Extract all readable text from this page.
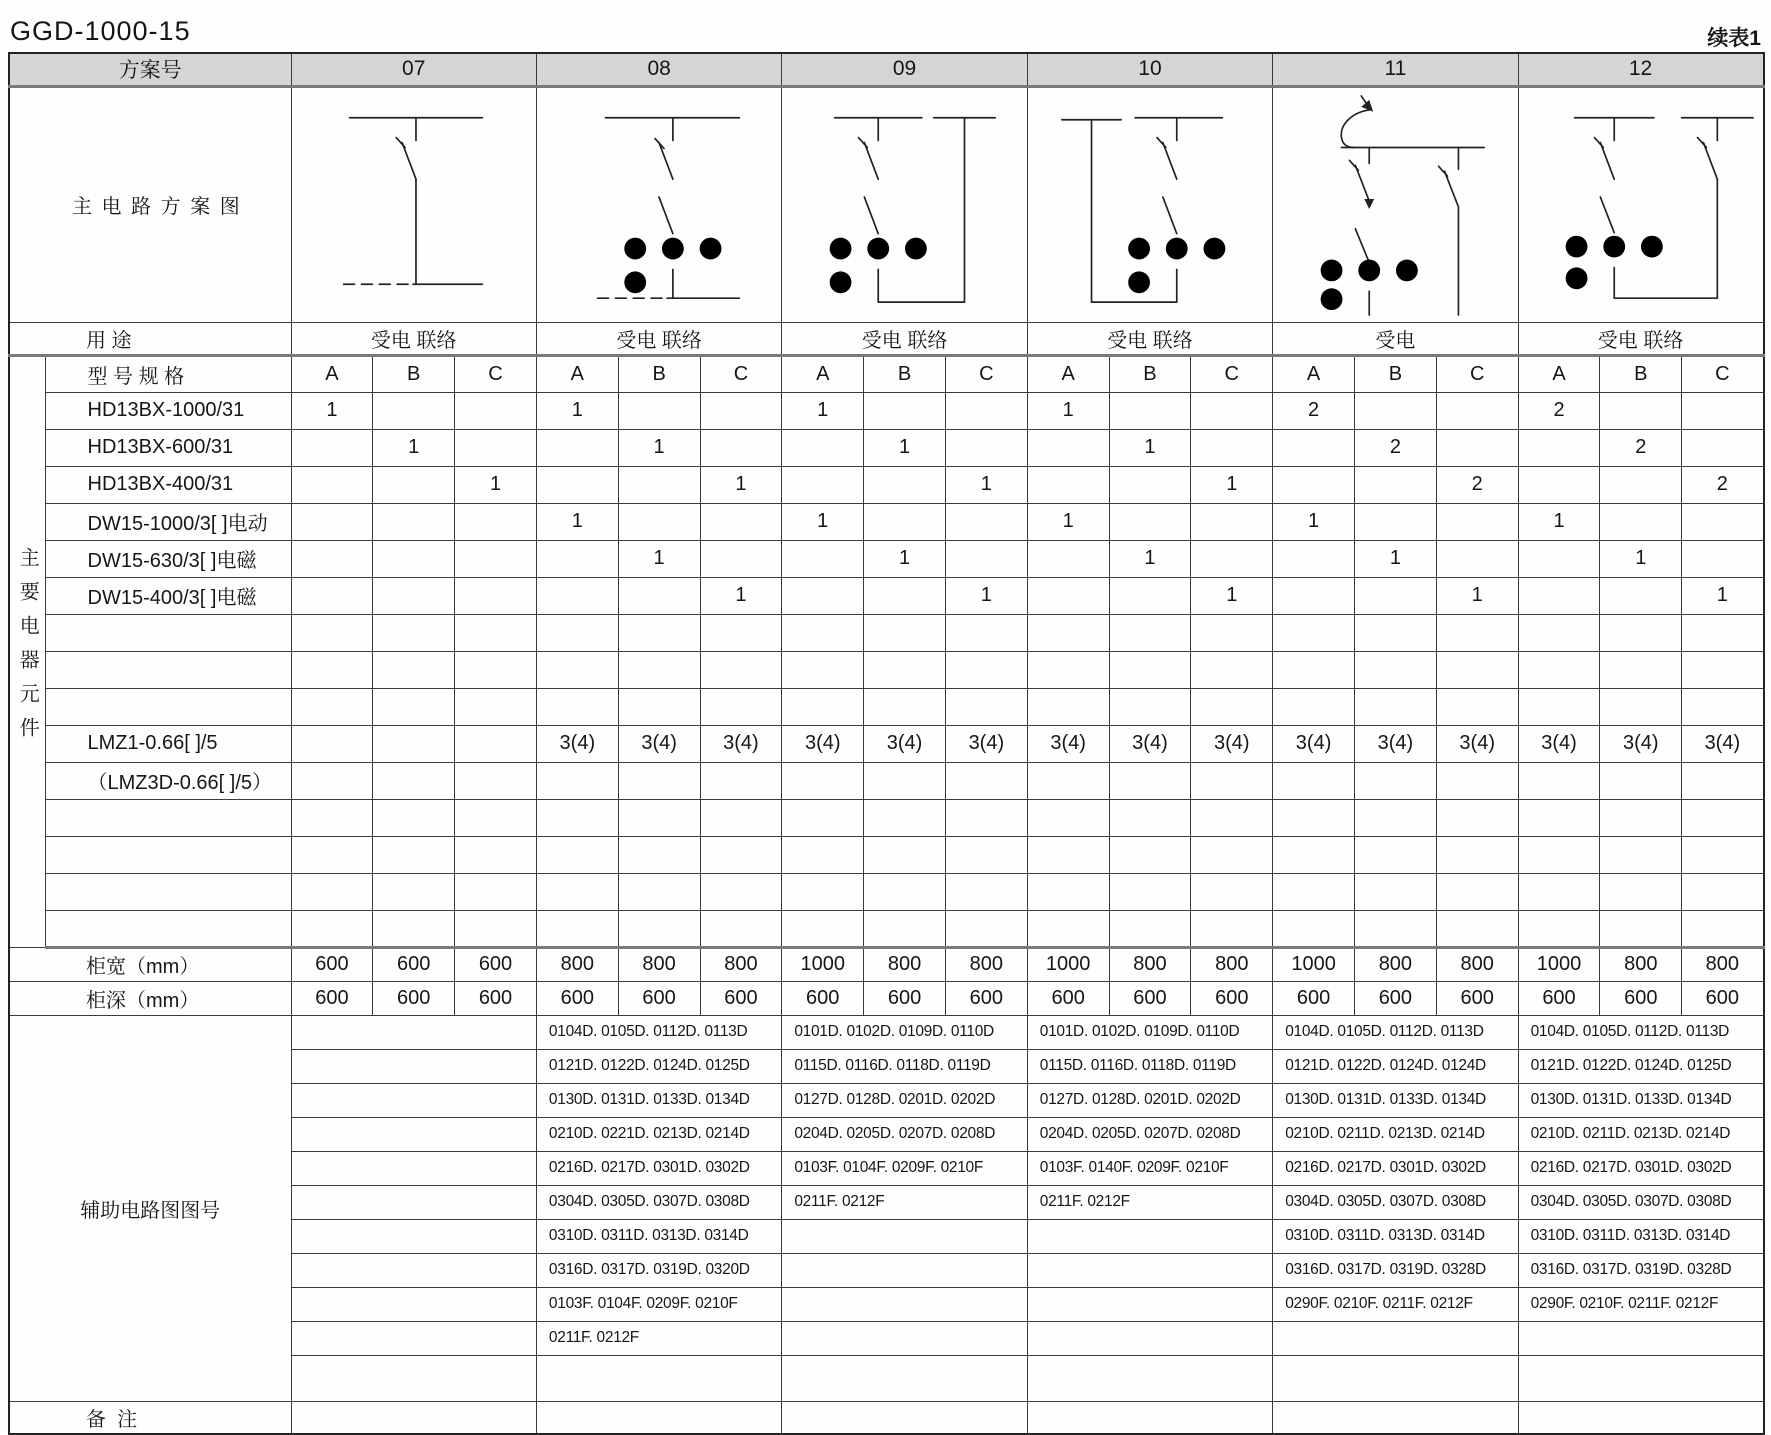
GGD-1000-15	续表1
方案号		07			08			09			10			11			12		
主 电 路 方 案 图						
用 途		受电 联络			受电 联络			受电 联络			受电 联络			受电			受电 联络		
主要电器元件	型 号 规 格	A	B	C	A	B	C	A	B	C	A	B	C	A	B	C	A	B	C
	HD13BX-1000/31	1			1			1			1			2			2		
	HD13BX-600/31		1			1			1			1			2			2	
	HD13BX-400/31			1			1			1			1			2			2
	DW15-1000/3[ ]电动				1			1			1			1			1		
	DW15-630/3[ ]电磁					1			1			1			1			1	
	DW15-400/3[ ]电磁						1			1			1			1			1

	LMZ1-0.66[ ]/5				3(4)	3(4)	3(4)	3(4)	3(4)	3(4)	3(4)	3(4)	3(4)	3(4)	3(4)	3(4)	3(4)	3(4)	3(4)
	（LMZ3D-0.66[ ]/5）																		

柜宽（mm）		600	600	600	800	800	800	1000	800	800	1000	800	800	1000	800	800	1000	800	800
柜深（mm）		600	600	600	600	600	600	600	600	600	600	600	600	600	600	600	600	600	600
辅助电路图图号					0104D. 0105D. 0112D. 0113D			0101D. 0102D. 0109D. 0110D			0101D. 0102D. 0109D. 0110D			0104D. 0105D. 0112D. 0113D			0104D. 0105D. 0112D. 0113D		
					0121D. 0122D. 0124D. 0125D			0115D. 0116D. 0118D. 0119D			0115D. 0116D. 0118D. 0119D			0121D. 0122D. 0124D. 0124D			0121D. 0122D. 0124D. 0125D		
					0130D. 0131D. 0133D. 0134D			0127D. 0128D. 0201D. 0202D			0127D. 0128D. 0201D. 0202D			0130D. 0131D. 0133D. 0134D			0130D. 0131D. 0133D. 0134D		
					0210D. 0221D. 0213D. 0214D			0204D. 0205D. 0207D. 0208D			0204D. 0205D. 0207D. 0208D			0210D. 0211D. 0213D. 0214D			0210D. 0211D. 0213D. 0214D		
					0216D. 0217D. 0301D. 0302D			0103F. 0104F. 0209F. 0210F			0103F. 0140F. 0209F. 0210F			0216D. 0217D. 0301D. 0302D			0216D. 0217D. 0301D. 0302D		
					0304D. 0305D. 0307D. 0308D			0211F. 0212F			0211F. 0212F			0304D. 0305D. 0307D. 0308D			0304D. 0305D. 0307D. 0308D		
					0310D. 0311D. 0313D. 0314D									0310D. 0311D. 0313D. 0314D			0310D. 0311D. 0313D. 0314D		
					0316D. 0317D. 0319D. 0320D									0316D. 0317D. 0319D. 0328D			0316D. 0317D. 0319D. 0328D		
					0103F. 0104F. 0209F. 0210F									0290F. 0210F. 0211F. 0212F			0290F. 0210F. 0211F. 0212F		
					0211F. 0212F														

备  注																			
